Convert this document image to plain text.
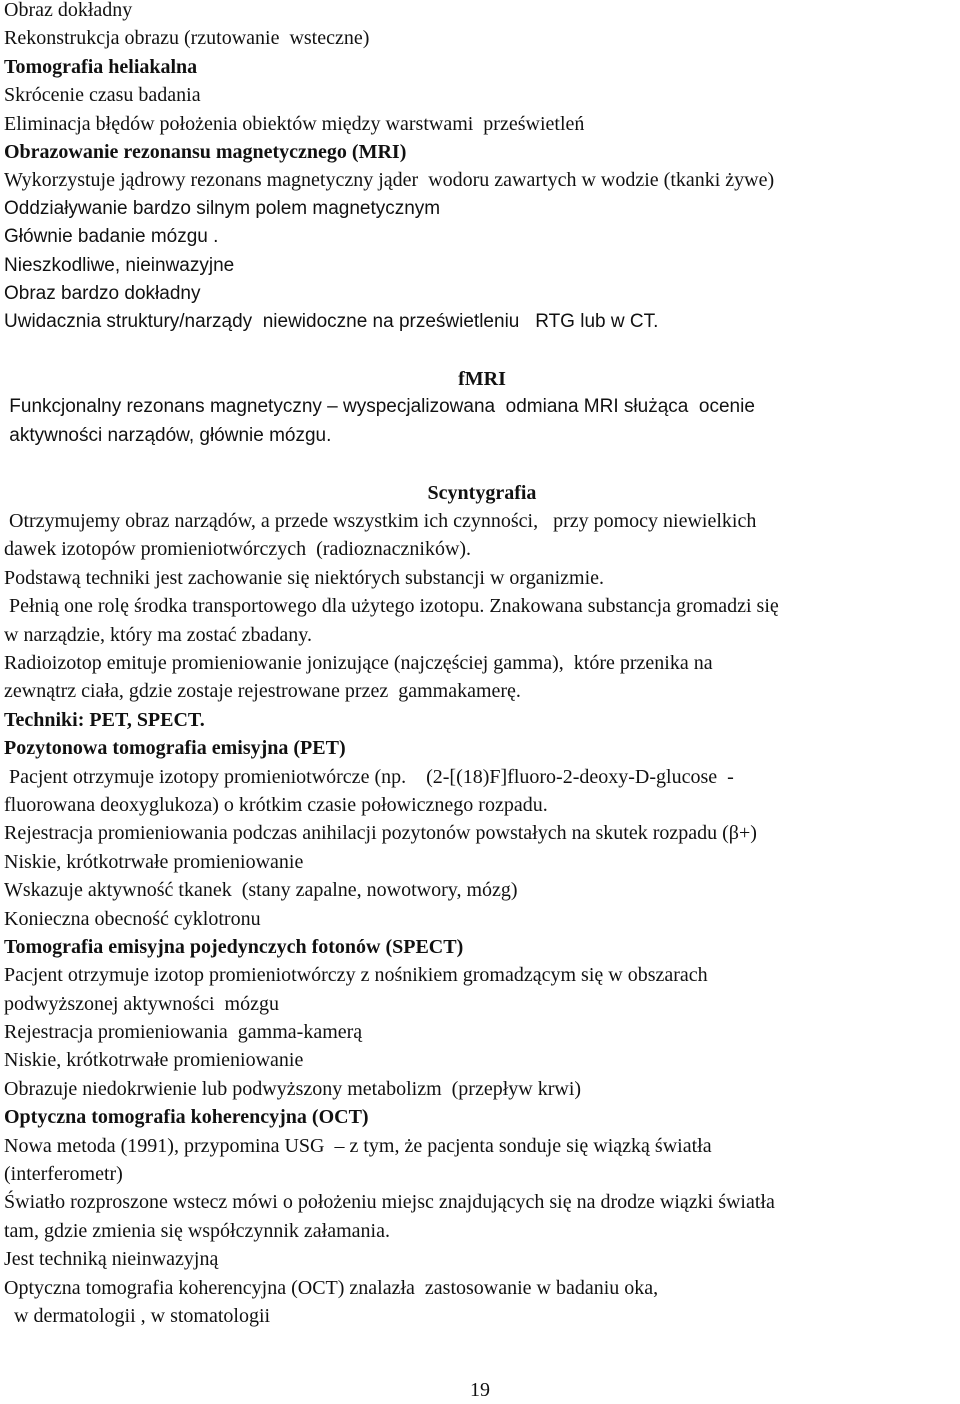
Obraz dokładny
Rekonstrukcja obrazu (rzutowanie  wsteczne)
Tomografia heliakalna
Skrócenie czasu badania
Eliminacja błędów położenia obiektów między warstwami  prześwietleń
Obrazowanie rezonansu magnetycznego (MRI)
Wykorzystuje jądrowy rezonans magnetyczny jąder  wodoru zawartych w wodzie (tkanki żywe)
Oddziaływanie bardzo silnym polem magnetycznym
Głównie badanie mózgu .
Nieszkodliwe, nieinwazyjne
Obraz bardzo dokładny
Uwidacznia struktury/narządy  niewidoczne na prześwietleniu   RTG lub w CT.
fMRI
Funkcjonalny rezonans magnetyczny – wyspecjalizowana  odmiana MRI służąca  ocenie
aktywności narządów, głównie mózgu.
Scyntygrafia
Otrzymujemy obraz narządów, a przede wszystkim ich czynności,   przy pomocy niewielkich
dawek izotopów promieniotwórczych  (radioznaczników).
Podstawą techniki jest zachowanie się niektórych substancji w organizmie.
Pełnią one rolę środka transportowego dla użytego izotopu. Znakowana substancja gromadzi się
w narządzie, który ma zostać zbadany.
Radioizotop emituje promieniowanie jonizujące (najczęściej gamma),  które przenika na
zewnątrz ciała, gdzie zostaje rejestrowane przez  gammakamerę.
Techniki: PET, SPECT.
Pozytonowa tomografia emisyjna (PET)
Pacjent otrzymuje izotopy promieniotwórcze (np.    (2-[(18)F]fluoro-2-deoxy-D-glucose  -
fluorowana deoxyglukoza) o krótkim czasie połowicznego rozpadu.
Rejestracja promieniowania podczas anihilacji pozytonów powstałych na skutek rozpadu (β+)
Niskie, krótkotrwałe promieniowanie
Wskazuje aktywność tkanek  (stany zapalne, nowotwory, mózg)
Konieczna obecność cyklotronu
Tomografia emisyjna pojedynczych fotonów (SPECT)
Pacjent otrzymuje izotop promieniotwórczy z nośnikiem gromadzącym się w obszarach
podwyższonej aktywności  mózgu
Rejestracja promieniowania  gamma-kamerą
Niskie, krótkotrwałe promieniowanie
Obrazuje niedokrwienie lub podwyższony metabolizm  (przepływ krwi)
Optyczna tomografia koherencyjna (OCT)
Nowa metoda (1991), przypomina USG  – z tym, że pacjenta sonduje się wiązką światła
(interferometr)
Światło rozproszone wstecz mówi o położeniu miejsc znajdujących się na drodze wiązki światła
tam, gdzie zmienia się współczynnik załamania.
Jest techniką nieinwazyjną
Optyczna tomografia koherencyjna (OCT) znalazła  zastosowanie w badaniu oka,
w dermatologii , w stomatologii
19
